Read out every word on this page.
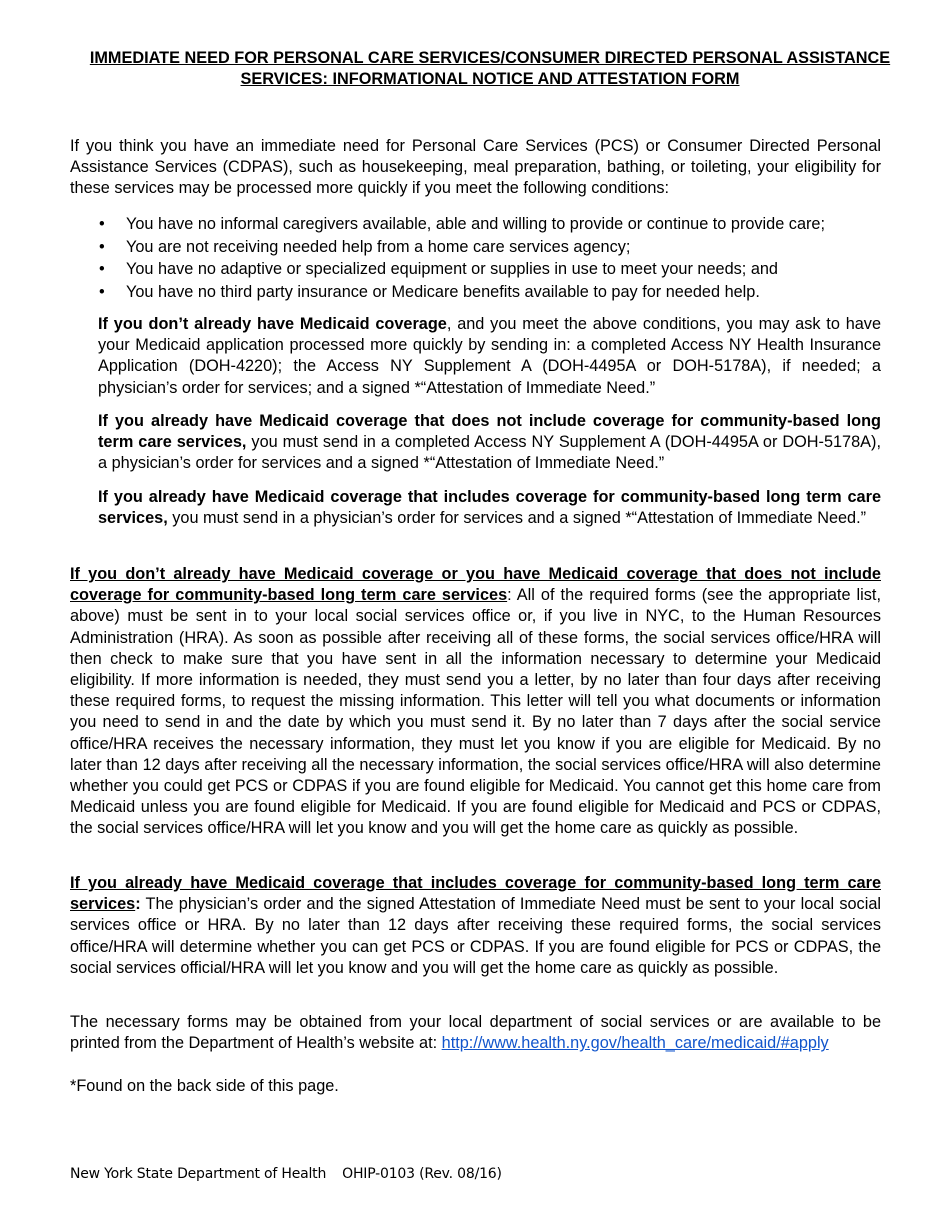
IMMEDIATE NEED FOR PERSONAL CARE SERVICES/CONSUMER DIRECTED PERSONAL ASSISTANCE SERVICES: INFORMATIONAL NOTICE AND ATTESTATION FORM
If you think you have an immediate need for Personal Care Services (PCS) or Consumer Directed Personal Assistance Services (CDPAS), such as housekeeping, meal preparation, bathing, or toileting, your eligibility for these services may be processed more quickly if you meet the following conditions:
• You have no informal caregivers available, able and willing to provide or continue to provide care;
• You are not receiving needed help from a home care services agency;
• You have no adaptive or specialized equipment or supplies in use to meet your needs; and
• You have no third party insurance or Medicare benefits available to pay for needed help.
If you don’t already have Medicaid coverage, and you meet the above conditions, you may ask to have your Medicaid application processed more quickly by sending in: a completed Access NY Health Insurance Application (DOH-4220); the Access NY Supplement A (DOH-4495A or DOH-5178A), if needed; a physician’s order for services; and a signed *“Attestation of Immediate Need.”
If you already have Medicaid coverage that does not include coverage for community-based long term care services, you must send in a completed Access NY Supplement A (DOH-4495A or DOH-5178A), a physician’s order for services and a signed *“Attestation of Immediate Need.”
If you already have Medicaid coverage that includes coverage for community-based long term care services, you must send in a physician’s order for services and a signed *“Attestation of Immediate Need.”
If you don’t already have Medicaid coverage or you have Medicaid coverage that does not include coverage for community-based long term care services: All of the required forms (see the appropriate list, above) must be sent in to your local social services office or, if you live in NYC, to the Human Resources Administration (HRA). As soon as possible after receiving all of these forms, the social services office/HRA will then check to make sure that you have sent in all the information necessary to determine your Medicaid eligibility. If more information is needed, they must send you a letter, by no later than four days after receiving these required forms, to request the missing information. This letter will tell you what documents or information you need to send in and the date by which you must send it. By no later than 7 days after the social service office/HRA receives the necessary information, they must let you know if you are eligible for Medicaid. By no later than 12 days after receiving all the necessary information, the social services office/HRA will also determine whether you could get PCS or CDPAS if you are found eligible for Medicaid. You cannot get this home care from Medicaid unless you are found eligible for Medicaid. If you are found eligible for Medicaid and PCS or CDPAS, the social services office/HRA will let you know and you will get the home care as quickly as possible.
If you already have Medicaid coverage that includes coverage for community-based long term care services: The physician’s order and the signed Attestation of Immediate Need must be sent to your local social services office or HRA. By no later than 12 days after receiving these required forms, the social services office/HRA will determine whether you can get PCS or CDPAS. If you are found eligible for PCS or CDPAS, the social services official/HRA will let you know and you will get the home care as quickly as possible.
The necessary forms may be obtained from your local department of social services or are available to be printed from the Department of Health’s website at: http://www.health.ny.gov/health_care/medicaid/#apply
*Found on the back side of this page.
New York State Department of Health OHIP-0103 (Rev. 08/16)
